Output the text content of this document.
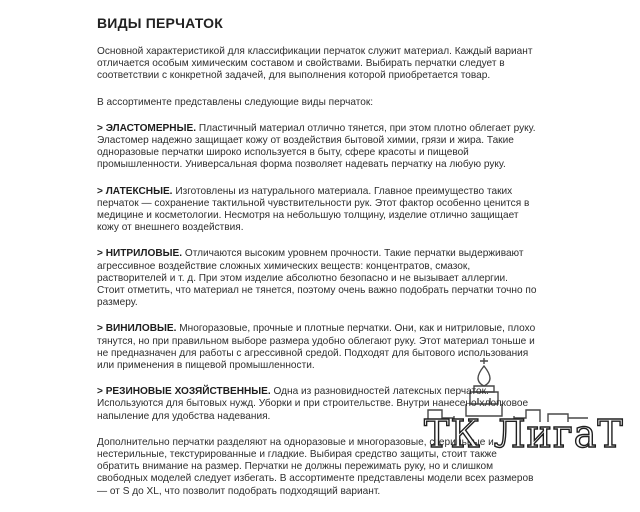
ВИДЫ ПЕРЧАТОК

Основной характеристикой для классификации перчаток служит материал. Каждый вариант отличается особым химическим составом и свойствами. Выбирать перчатки следует в соответствии с конкретной задачей, для выполнения которой приобретается товар.

В ассортименте представлены следующие виды перчаток:

> ЭЛАСТОМЕРНЫЕ. Пластичный материал отлично тянется, при этом плотно облегает руку. Эластомер надежно защищает кожу от воздействия бытовой химии, грязи и жира. Такие одноразовые перчатки широко используется в быту, сфере красоты и пищевой промышленности. Универсальная форма позволяет надевать перчатку на любую руку.

> ЛАТЕКСНЫЕ. Изготовлены из натурального материала. Главное преимущество таких перчаток — сохранение тактильной чувствительности рук. Этот фактор особенно ценится в медицине и косметологии. Несмотря на небольшую толщину, изделие отлично защищает кожу от внешнего воздействия.

> НИТРИЛОВЫЕ. Отличаются высоким уровнем прочности. Такие перчатки выдерживают агрессивное воздействие сложных химических веществ: концентратов, смазок, растворителей и т. д. При этом изделие абсолютно безопасно и не вызывает аллергии. Стоит отметить, что материал не тянется, поэтому очень важно подобрать перчатки точно по размеру.

> ВИНИЛОВЫЕ. Многоразовые, прочные и плотные перчатки. Они, как и нитриловые, плохо тянутся, но при правильном выборе размера удобно облегают руку. Этот материал тоньше и не предназначен для работы с агрессивной средой. Подходят для бытового использования или применения в пищевой промышленности.

> РЕЗИНОВЫЕ ХОЗЯЙСТВЕННЫЕ. Одна из разновидностей латексных перчаток. Используются для бытовых нужд. Уборки и при строительстве. Внутри нанесено хлопковое напыление для удобства надевания.

Дополнительно перчатки разделяют на одноразовые и многоразовые, стерильные и нестерильные, текстурированные и гладкие. Выбирая средство защиты, стоит также обратить внимание на размер. Перчатки не должны пережимать руку, но и слишком свободных моделей следует избегать. В ассортименте представлены модели всех размеров — от S до XL, что позволит подобрать подходящий вариант.

ТК ЛигаТ
